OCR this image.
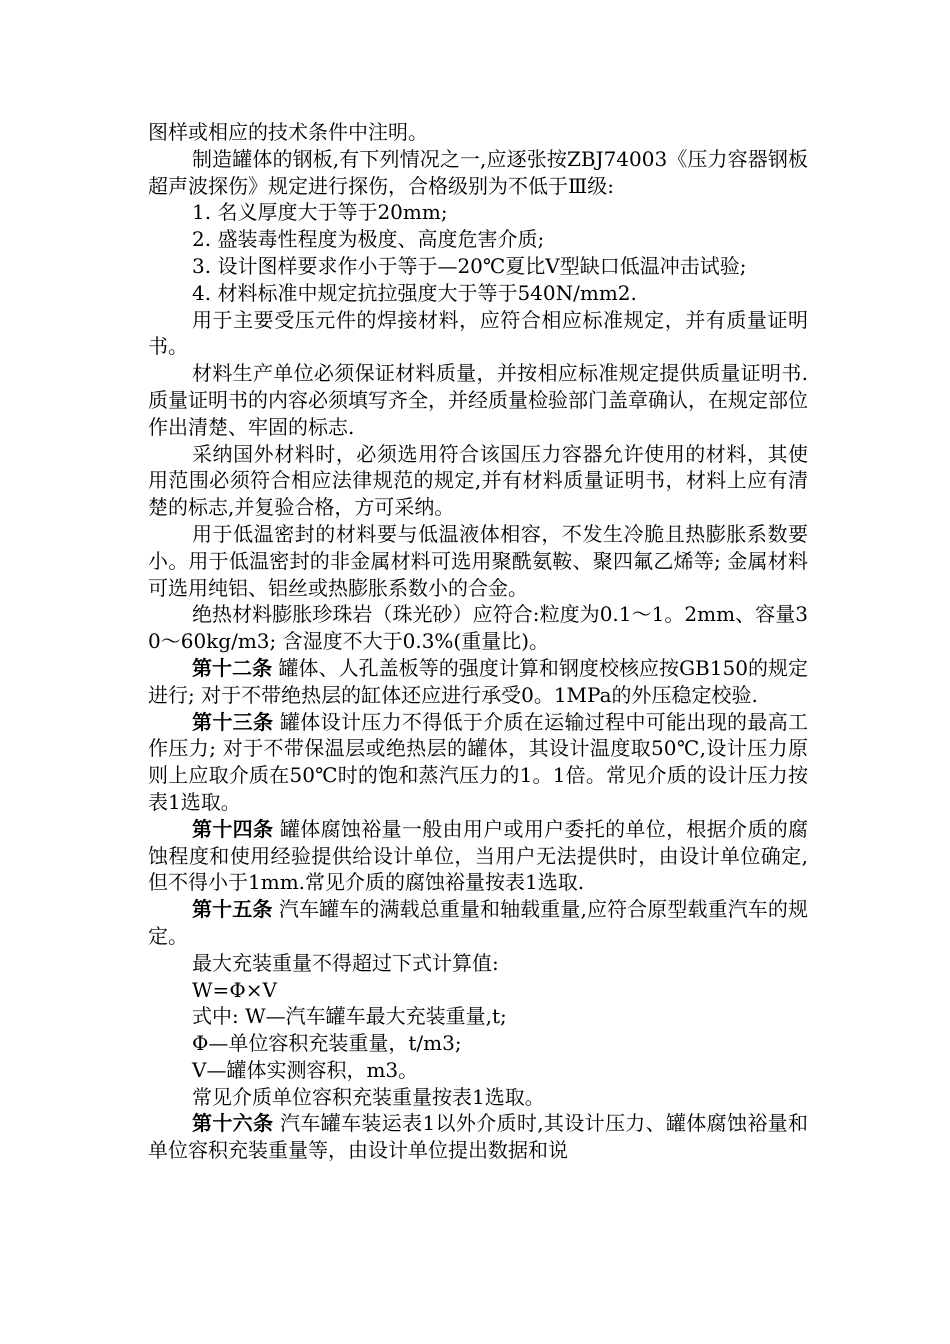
图样或相应的技术条件中注明。

制造罐体的钢板,有下列情况之一,应逐张按ZBJ74003《压力容器钢板超声波探伤》规定进行探伤，合格级别为不低于Ⅲ级:

1. 名义厚度大于等于20mm;

2. 盛装毒性程度为极度、高度危害介质;

3. 设计图样要求作小于等于—20℃夏比Ⅴ型缺口低温冲击试验;

4. 材料标准中规定抗拉强度大于等于540N/mm2.

用于主要受压元件的焊接材料，应符合相应标准规定，并有质量证明书。

材料生产单位必须保证材料质量，并按相应标准规定提供质量证明书.质量证明书的内容必须填写齐全，并经质量检验部门盖章确认，在规定部位作出清楚、牢固的标志.

采纳国外材料时，必须选用符合该国压力容器允许使用的材料，其使用范围必须符合相应法律规范的规定,并有材料质量证明书，材料上应有清楚的标志,并复验合格，方可采纳。

用于低温密封的材料要与低温液体相容，不发生冷脆且热膨胀系数要小。用于低温密封的非金属材料可选用聚酰氨鞍、聚四氟乙烯等; 金属材料可选用纯铝、铝丝或热膨胀系数小的合金。

绝热材料膨胀珍珠岩（珠光砂）应符合:粒度为0.1～1。2mm、容量30～60kg/m3; 含湿度不大于0.3%(重量比)。

第十二条 罐体、人孔盖板等的强度计算和钢度校核应按GB150的规定进行; 对于不带绝热层的缸体还应进行承受0。1MPa的外压稳定校验.

第十三条 罐体设计压力不得低于介质在运输过程中可能出现的最高工作压力; 对于不带保温层或绝热层的罐体，其设计温度取50℃,设计压力原则上应取介质在50℃时的饱和蒸汽压力的1。1倍。常见介质的设计压力按表1选取。

第十四条 罐体腐蚀裕量一般由用户或用户委托的单位，根据介质的腐蚀程度和使用经验提供给设计单位，当用户无法提供时，由设计单位确定,但不得小于1mm.常见介质的腐蚀裕量按表1选取.

第十五条 汽车罐车的满载总重量和轴载重量,应符合原型载重汽车的规定。

最大充装重量不得超过下式计算值:

W=Φ×V

式中: W—汽车罐车最大充装重量,t;

Φ—单位容积充装重量，t/m3;

V—罐体实测容积，m3。

常见介质单位容积充装重量按表1选取。

第十六条 汽车罐车装运表1以外介质时,其设计压力、罐体腐蚀裕量和单位容积充装重量等，由设计单位提出数据和说
